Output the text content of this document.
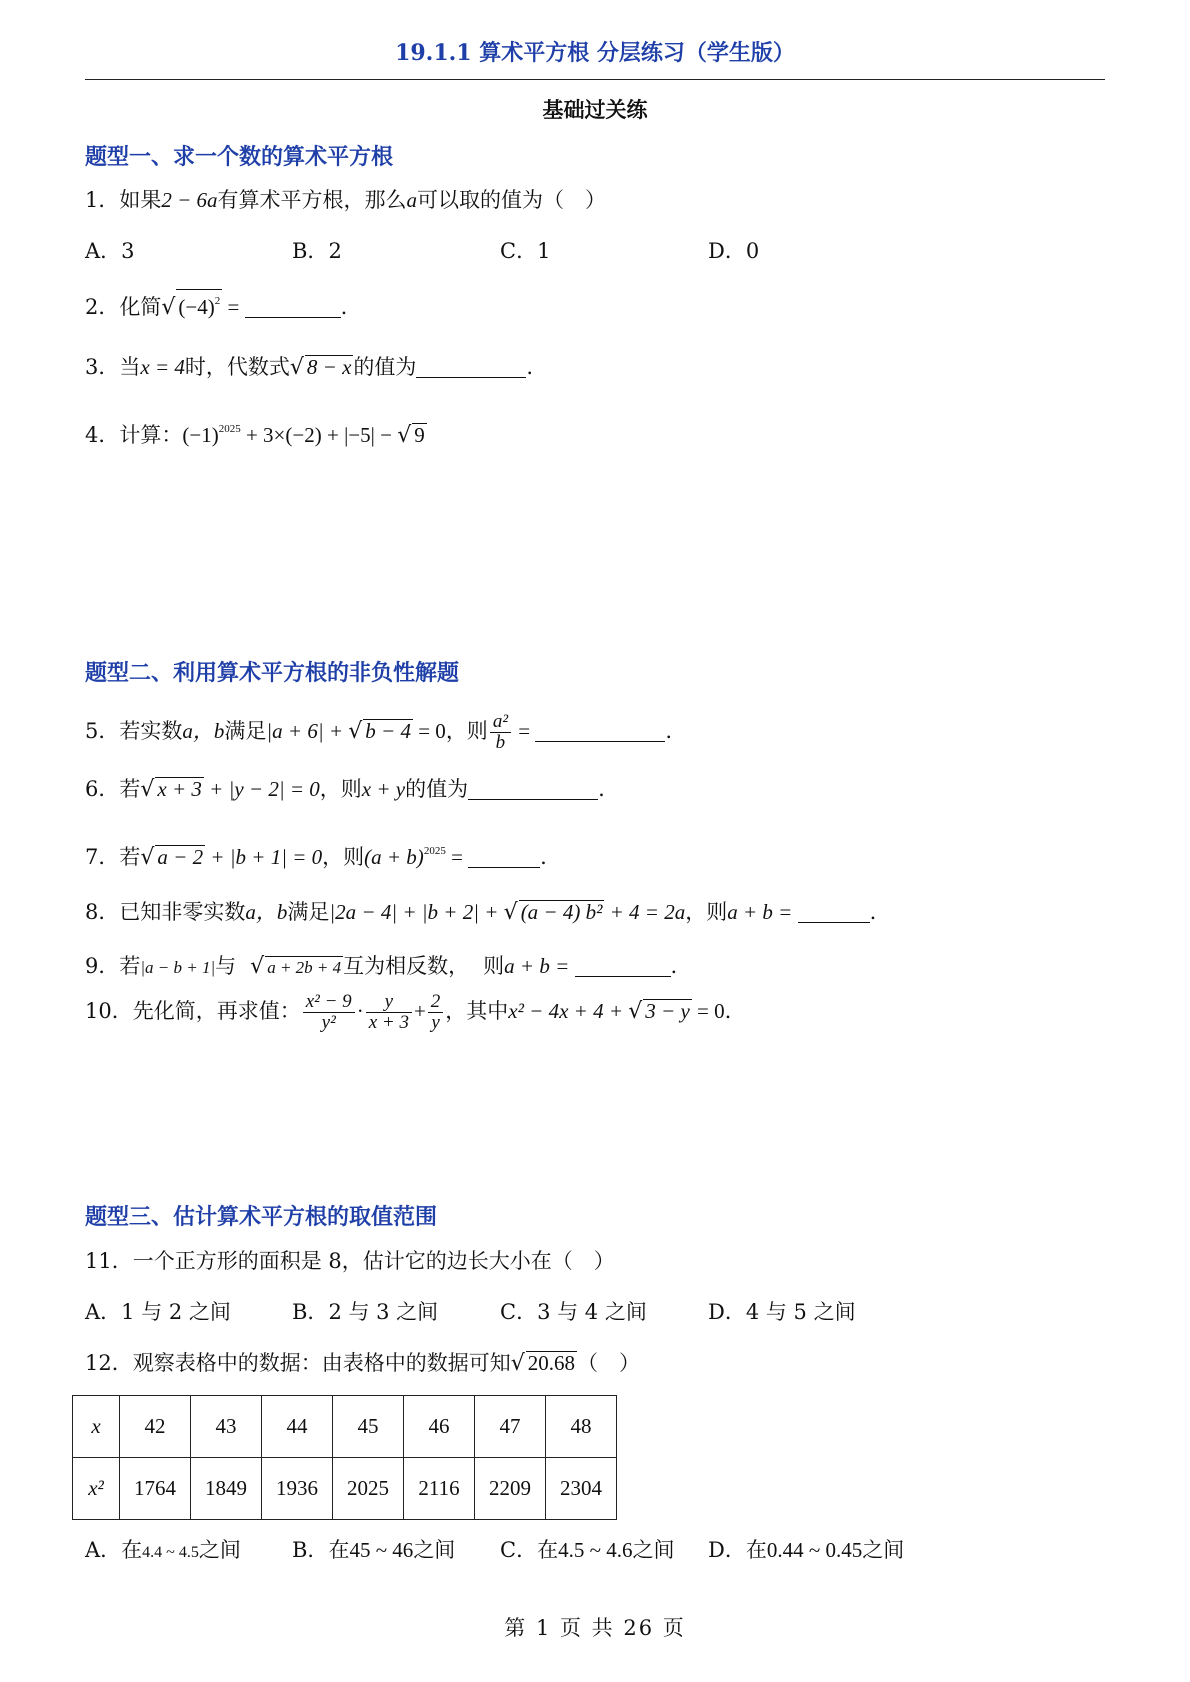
19.1.1 算术平方根 分层练习（学生版）
基础过关练
题型一、求一个数的算术平方根
1．如果2 − 6a有算术平方根，那么a可以取的值为（　）
A．3	B．2	C．1	D．0
2．化简√ $(-4)^2$ =	.
3．当x = 4时，代数式√ 8 − x的值为	.
4．计算：$(-1)^{2025} + 3\times(-2) + |-5|$ − √ 9
题型二、利用算术平方根的非负性解题
5．若实数a，b满足|a + 6| + √ b − 4 = 0，则 $\frac{\text{a²}}{b}$ =	.
6．若√ x + 3 + |y − 2| = 0，则x + y的值为	.
7．若√ a − 2 + |b + 1| = 0，则$(a + b)^{2025}$ =	.
8．已知非零实数a，b满足|2a − 4| + |b + 2| + √ (a − 4) b² + 4 = 2a，则a + b =	.
9．若|a − b + 1|与 √ a + 2b + 4互为相反数， 则a + b =	.
10．先化简，再求值： $\frac{\text{x² − 9}}{\text{y²}} \cdot \frac{y}{x + 3} + \frac{2}{y}$ ，其中x² − 4x + 4 + √ 3 − y = 0.
题型三、估计算术平方根的取值范围
11．一个正方形的面积是 8，估计它的边长大小在（　）
A．1 与 2 之间	B．2 与 3 之间	C．3 与 4 之间	D．4 与 5 之间
12．观察表格中的数据：由表格中的数据可知√ 20.68（　）
x	42	43	44	45	46	47	48
x²	1764	1849	1936	2025	2116	2209	2304
A．在4.4 ~ 4.5之间 B．在45 ~ 46之间 C．在4.5 ~ 4.6之间 D．在0.44 ~ 0.45之间
第 1 页 共 26 页
